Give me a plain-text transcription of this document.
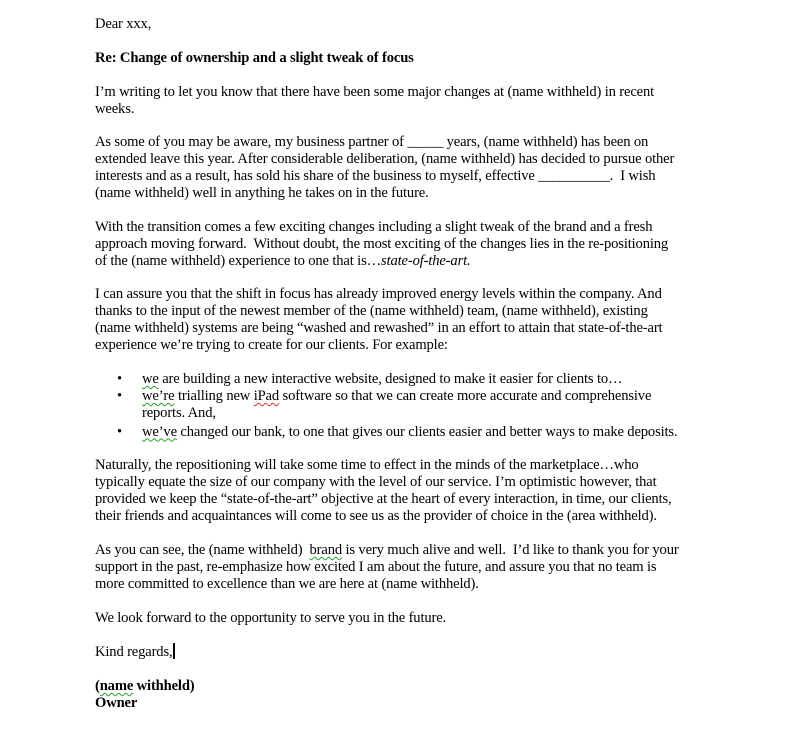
Dear xxx,
Re: Change of ownership and a slight tweak of focus
I’m writing to let you know that there have been some major changes at (name withheld) in recent
weeks.
As some of you may be aware, my business partner of _____ years, (name withheld) has been on
extended leave this year. After considerable deliberation, (name withheld) has decided to pursue other
interests and as a result, has sold his share of the business to myself, effective __________.  I wish
(name withheld) well in anything he takes on in the future.
With the transition comes a few exciting changes including a slight tweak of the brand and a fresh
approach moving forward.  Without doubt, the most exciting of the changes lies in the re-positioning
of the (name withheld) experience to one that is…state-of-the-art.
I can assure you that the shift in focus has already improved energy levels within the company. And
thanks to the input of the newest member of the (name withheld) team, (name withheld), existing
(name withheld) systems are being “washed and rewashed” in an effort to attain that state-of-the-art
experience we’re trying to create for our clients. For example:
• we are building a new interactive website, designed to make it easier for clients to…
• we’re trialling new iPad software so that we can create more accurate and comprehensive
reports. And,
• we’ve changed our bank, to one that gives our clients easier and better ways to make deposits.
Naturally, the repositioning will take some time to effect in the minds of the marketplace…who
typically equate the size of our company with the level of our service. I’m optimistic however, that
provided we keep the “state-of-the-art” objective at the heart of every interaction, in time, our clients,
their friends and acquaintances will come to see us as the provider of choice in the (area withheld).
As you can see, the (name withheld)  brand is very much alive and well.  I’d like to thank you for your
support in the past, re-emphasize how excited I am about the future, and assure you that no team is
more committed to excellence than we are here at (name withheld).
We look forward to the opportunity to serve you in the future.
Kind regards,
(name withheld)
Owner
